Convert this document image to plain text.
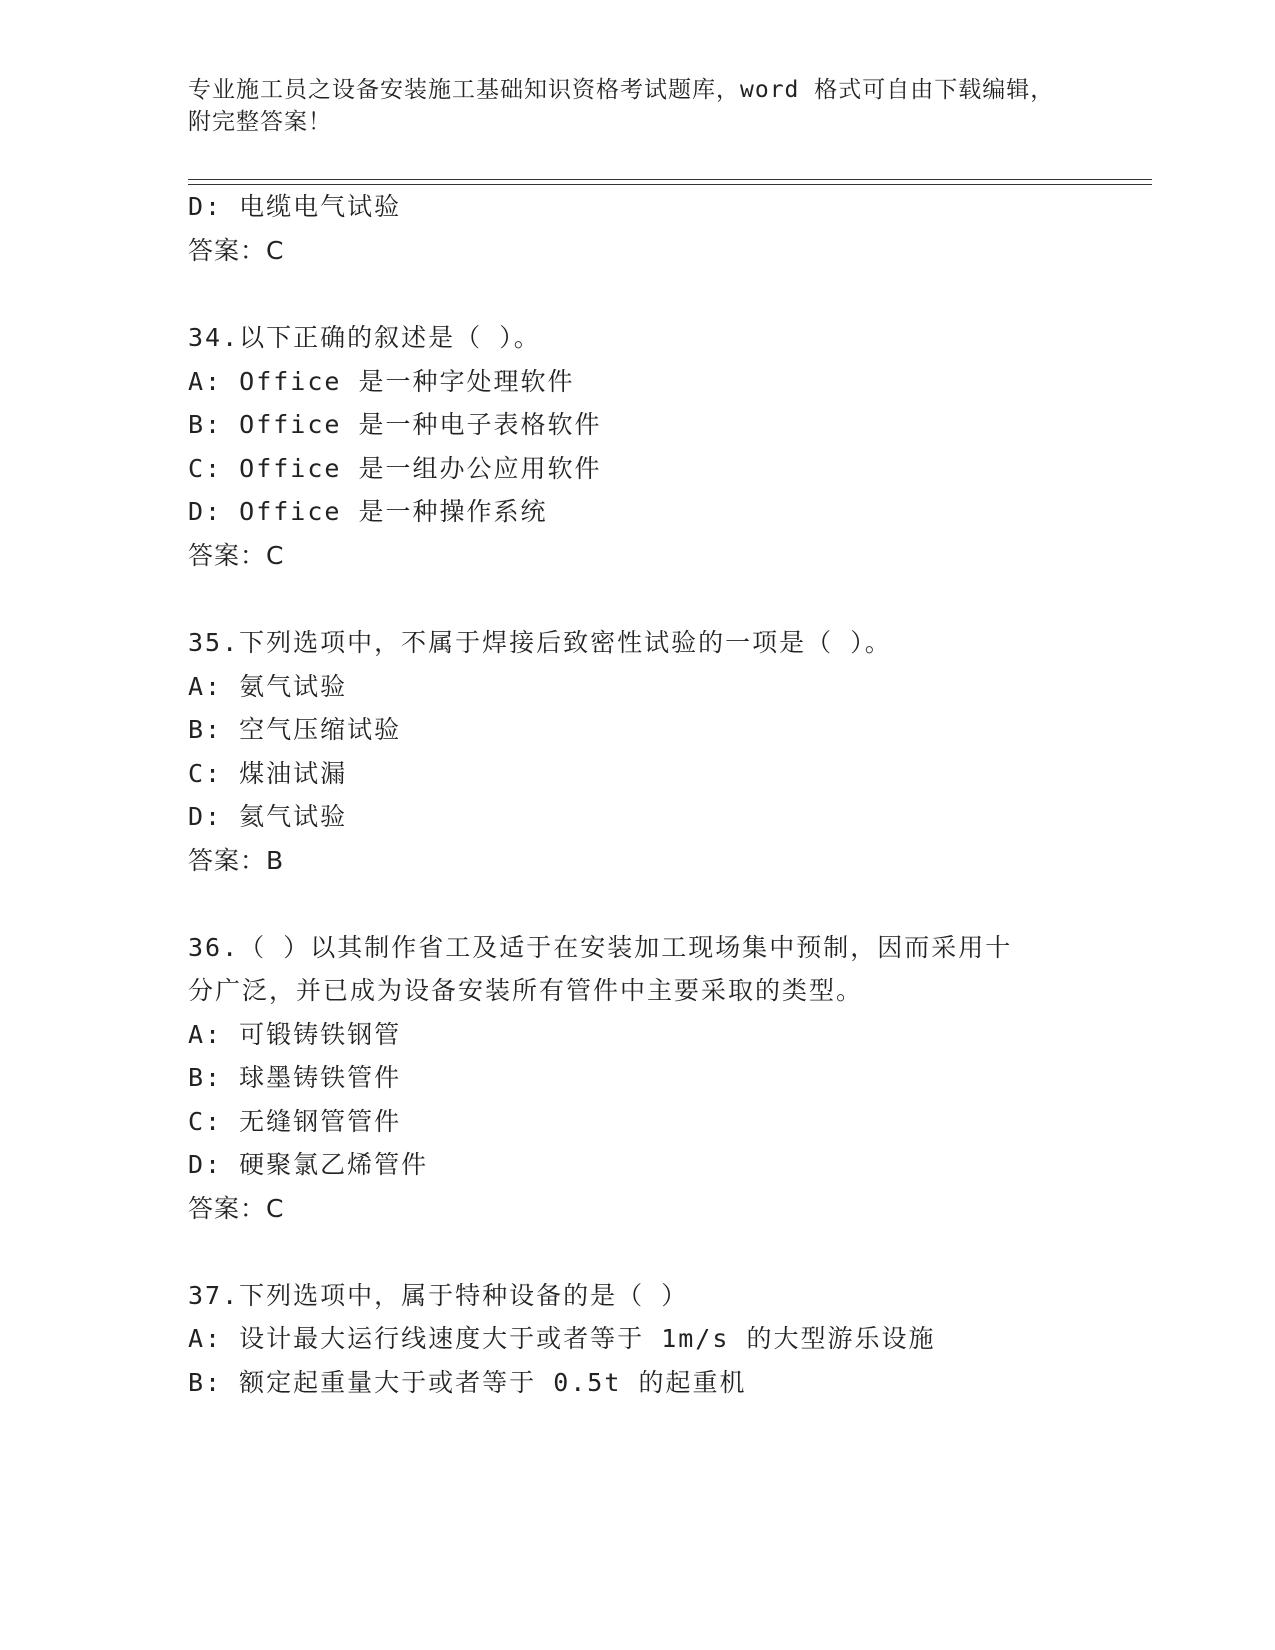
专业施工员之设备安装施工基础知识资格考试题库，word 格式可自由下载编辑，
附完整答案！
D: 电缆电气试验
答案：C
34.以下正确的叙述是（ ）。
A: Office 是一种字处理软件
B: Office 是一种电子表格软件
C: Office 是一组办公应用软件
D: Office 是一种操作系统
答案：C
35.下列选项中，不属于焊接后致密性试验的一项是（ ）。
A: 氨气试验
B: 空气压缩试验
C: 煤油试漏
D: 氦气试验
答案：B
36.（ ）以其制作省工及适于在安装加工现场集中预制，因而采用十
分广泛，并已成为设备安装所有管件中主要采取的类型。
A: 可锻铸铁钢管
B: 球墨铸铁管件
C: 无缝钢管管件
D: 硬聚氯乙烯管件
答案：C
37.下列选项中，属于特种设备的是（ ）
A: 设计最大运行线速度大于或者等于 1m/s 的大型游乐设施
B: 额定起重量大于或者等于 0.5t 的起重机
